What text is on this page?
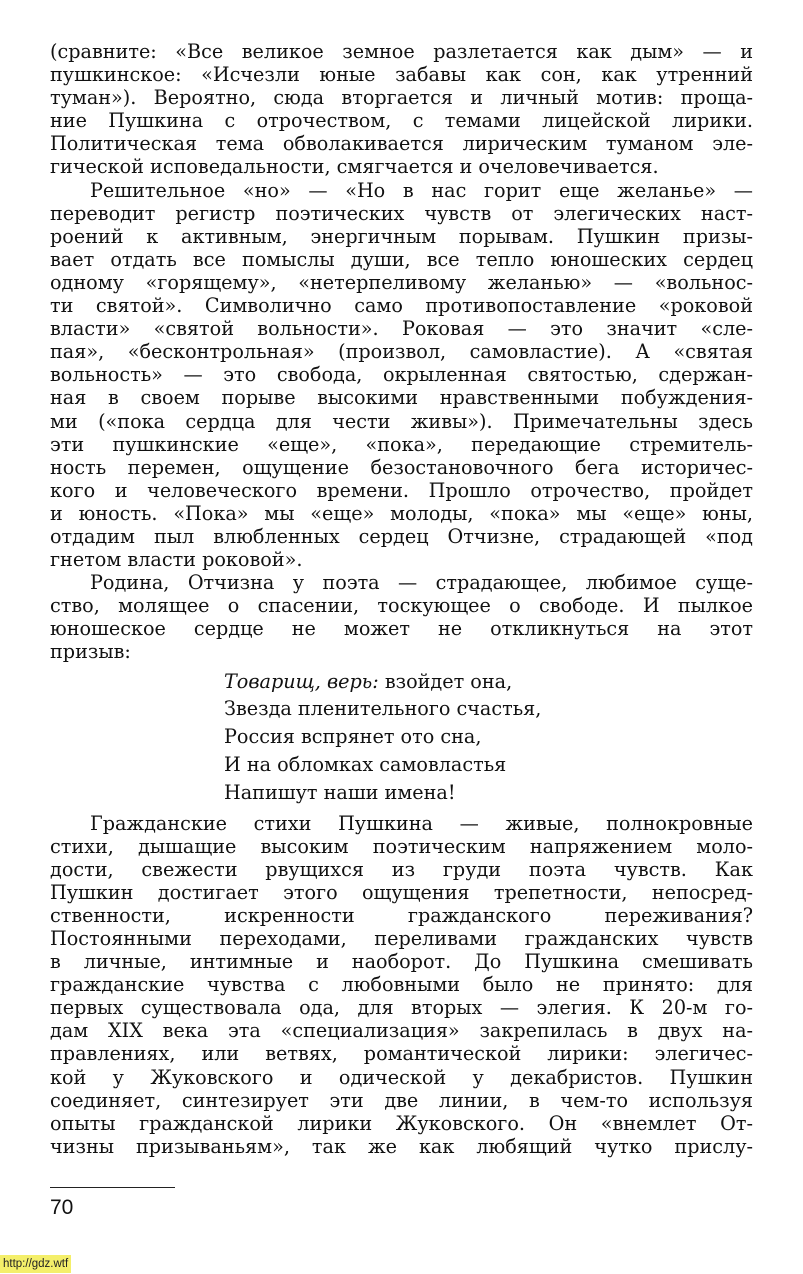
(сравните: «Все великое земное разлетается как дым» — и
пушкинское: «Исчезли юные забавы как сон, как утренний
туман»). Вероятно, сюда вторгается и личный мотив: проща-
ние Пушкина с отрочеством, с темами лицейской лирики.
Политическая тема обволакивается лирическим туманом эле-
гической исповедальности, смягчается и очеловечивается.
Решительное «но» — «Но в нас горит еще желанье» —
переводит регистр поэтических чувств от элегических наст-
роений к активным, энергичным порывам. Пушкин призы-
вает отдать все помыслы души, все тепло юношеских сердец
одному «горящему», «нетерпеливому желанью» — «вольнос-
ти святой». Символично само противопоставление «роковой
власти» «святой вольности». Роковая — это значит «сле-
пая», «бесконтрольная» (произвол, самовластие). А «святая
вольность» — это свобода, окрыленная святостью, сдержан-
ная в своем порыве высокими нравственными побуждения-
ми («пока сердца для чести живы»). Примечательны здесь
эти пушкинские «еще», «пока», передающие стремитель-
ность перемен, ощущение безостановочного бега историчес-
кого и человеческого времени. Прошло отрочество, пройдет
и юность. «Пока» мы «еще» молоды, «пока» мы «еще» юны,
отдадим пыл влюбленных сердец Отчизне, страдающей «под
гнетом власти роковой».
Родина, Отчизна у поэта — страдающее, любимое суще-
ство, молящее о спасении, тоскующее о свободе. И пылкое
юношеское сердце не может не откликнуться на этот
призыв:
Товарищ, верь: взойдет она,
Звезда пленительного счастья,
Россия вспрянет ото сна,
И на обломках самовластья
Напишут наши имена!
Гражданские стихи Пушкина — живые, полнокровные
стихи, дышащие высоким поэтическим напряжением моло-
дости, свежести рвущихся из груди поэта чувств. Как
Пушкин достигает этого ощущения трепетности, непосред-
ственности, искренности гражданского переживания?
Постоянными переходами, переливами гражданских чувств
в личные, интимные и наоборот. До Пушкина смешивать
гражданские чувства с любовными было не принято: для
первых существовала ода, для вторых — элегия. К 20-м го-
дам XIX века эта «специализация» закрепилась в двух на-
правлениях, или ветвях, романтической лирики: элегичес-
кой у Жуковского и одической у декабристов. Пушкин
соединяет, синтезирует эти две линии, в чем-то используя
опыты гражданской лирики Жуковского. Он «внемлет От-
чизны призываньям», так же как любящий чутко прислу-
70
http://gdz.wtf
